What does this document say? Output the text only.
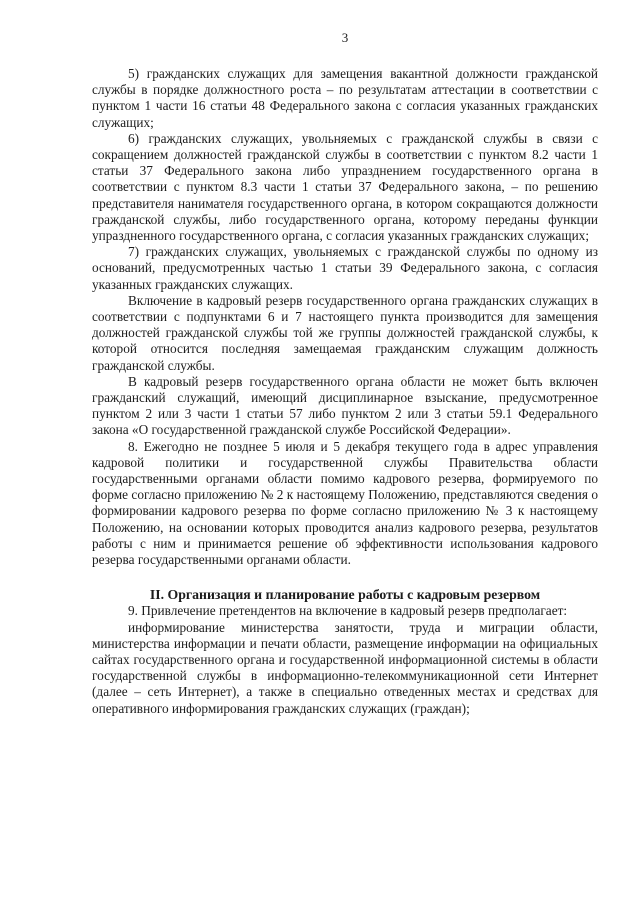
3

5) гражданских служащих для замещения вакантной должности гражданской службы в порядке должностного роста – по результатам аттестации в соответствии с пунктом 1 части 16 статьи 48 Федерального закона с согласия указанных гражданских служащих;

6) гражданских служащих, увольняемых с гражданской службы в связи с сокращением должностей гражданской службы в соответствии с пунктом 8.2 части 1 статьи 37 Федерального закона либо упразднением государственного органа в соответствии с пунктом 8.3 части 1 статьи 37 Федерального закона, – по решению представителя нанимателя государственного органа, в котором сокращаются должности гражданской службы, либо государственного органа, которому переданы функции упраздненного государственного органа, с согласия указанных гражданских служащих;

7) гражданских служащих, увольняемых с гражданской службы по одному из оснований, предусмотренных частью 1 статьи 39 Федерального закона, с согласия указанных гражданских служащих.

Включение в кадровый резерв государственного органа гражданских служащих в соответствии с подпунктами 6 и 7 настоящего пункта производится для замещения должностей гражданской службы той же группы должностей гражданской службы, к которой относится последняя замещаемая гражданским служащим должность гражданской службы.

В кадровый резерв государственного органа области не может быть включен гражданский служащий, имеющий дисциплинарное взыскание, предусмотренное пунктом 2 или 3 части 1 статьи 57 либо пунктом 2 или 3 статьи 59.1 Федерального закона «О государственной гражданской службе Российской Федерации».

8. Ежегодно не позднее 5 июля и 5 декабря текущего года в адрес управления кадровой политики и государственной службы Правительства области государственными органами области помимо кадрового резерва, формируемого по форме согласно приложению № 2 к настоящему Положению, представляются сведения о формировании кадрового резерва по форме согласно приложению № 3 к настоящему Положению, на основании которых проводится анализ кадрового резерва, результатов работы с ним и принимается решение об эффективности использования кадрового резерва государственными органами области.

II. Организация и планирование работы с кадровым резервом

9. Привлечение претендентов на включение в кадровый резерв предполагает:

информирование министерства занятости, труда и миграции области, министерства информации и печати области, размещение информации на официальных сайтах государственного органа и государственной информационной системы в области государственной службы в информационно-телекоммуникационной сети Интернет (далее – сеть Интернет), а также в специально отведенных местах и средствах для оперативного информирования гражданских служащих (граждан);
